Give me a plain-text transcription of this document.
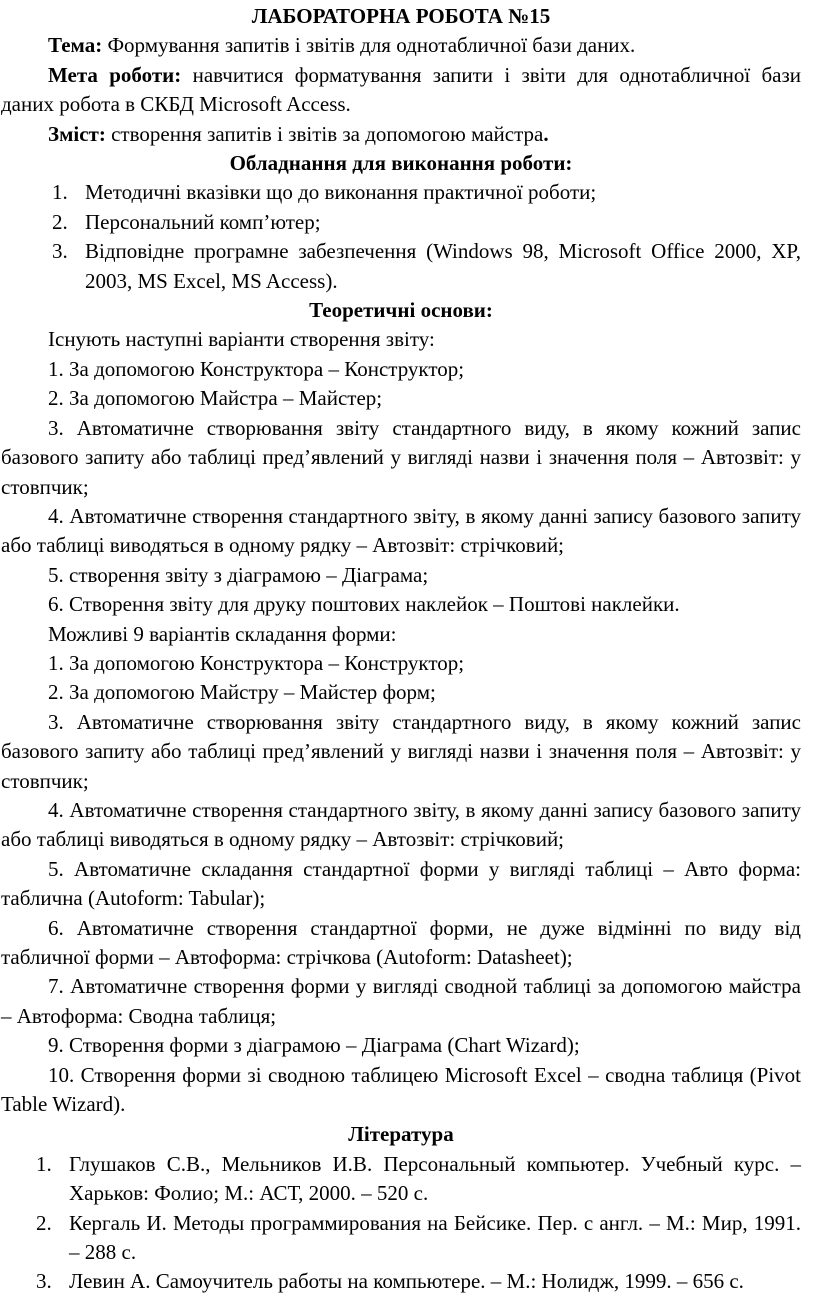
ЛАБОРАТОРНА РОБОТА №15

Тема: Формування запитів і звітів для однотабличної бази даних.

Мета роботи: навчитися форматування запити і звіти для однотабличної бази даних робота в СКБД Microsoft Access.

Зміст: створення запитів і звітів за допомогою майстра.

Обладнання для виконання роботи:

1. Методичні вказівки що до виконання практичної роботи;
2. Персональний комп’ютер;
3. Відповідне програмне забезпечення (Windows 98, Microsoft Office 2000, XP, 2003, MS Excel, MS Access).

Теоретичні основи:

Існують наступні варіанти створення звіту:

1. За допомогою Конструктора – Конструктор;

2. За допомогою Майстра – Майстер;

3. Автоматичне створювання звіту стандартного виду, в якому кожний запис базового запиту або таблиці пред’явлений у вигляді назви і значення поля – Автозвіт: у стовпчик;

4. Автоматичне створення стандартного звіту, в якому данні запису базового запиту або таблиці виводяться в одному рядку – Автозвіт: стрічковий;

5. створення звіту з діаграмою – Діаграма;

6. Створення звіту для друку поштових наклейок – Поштові наклейки.

Можливі 9 варіантів складання форми:

1. За допомогою Конструктора – Конструктор;

2. За допомогою Майстру – Майстер форм;

3. Автоматичне створювання звіту стандартного виду, в якому кожний запис базового запиту або таблиці пред’явлений у вигляді назви і значення поля – Автозвіт: у стовпчик;

4. Автоматичне створення стандартного звіту, в якому данні запису базового запиту або таблиці виводяться в одному рядку – Автозвіт: стрічковий;

5. Автоматичне складання стандартної форми у вигляді таблиці – Авто форма: таблична (Autoform: Tabular);

6. Автоматичне створення стандартної форми, не дуже відмінні по виду від табличної форми – Автоформа: стрічкова (Autoform: Datasheet);

7. Автоматичне створення форми у вигляді сводной таблиці за допомогою майстра – Автоформа: Сводна таблиця;

9. Створення форми з діаграмою – Діаграма (Chart Wizard);

10. Створення форми зі сводною таблицею Microsoft Excel – сводна таблиця (Pivot Table Wizard).

Література

1. Глушаков С.В., Мельников И.В. Персональный компьютер. Учебный курс. – Харьков: Фолио; М.: АСТ, 2000. – 520 с.
2. Кергаль И. Методы программирования на Бейсике. Пер. с англ. – М.: Мир, 1991. – 288 с.
3. Левин А. Самоучитель работы на компьютере. – М.: Нолидж, 1999. – 656 с.
